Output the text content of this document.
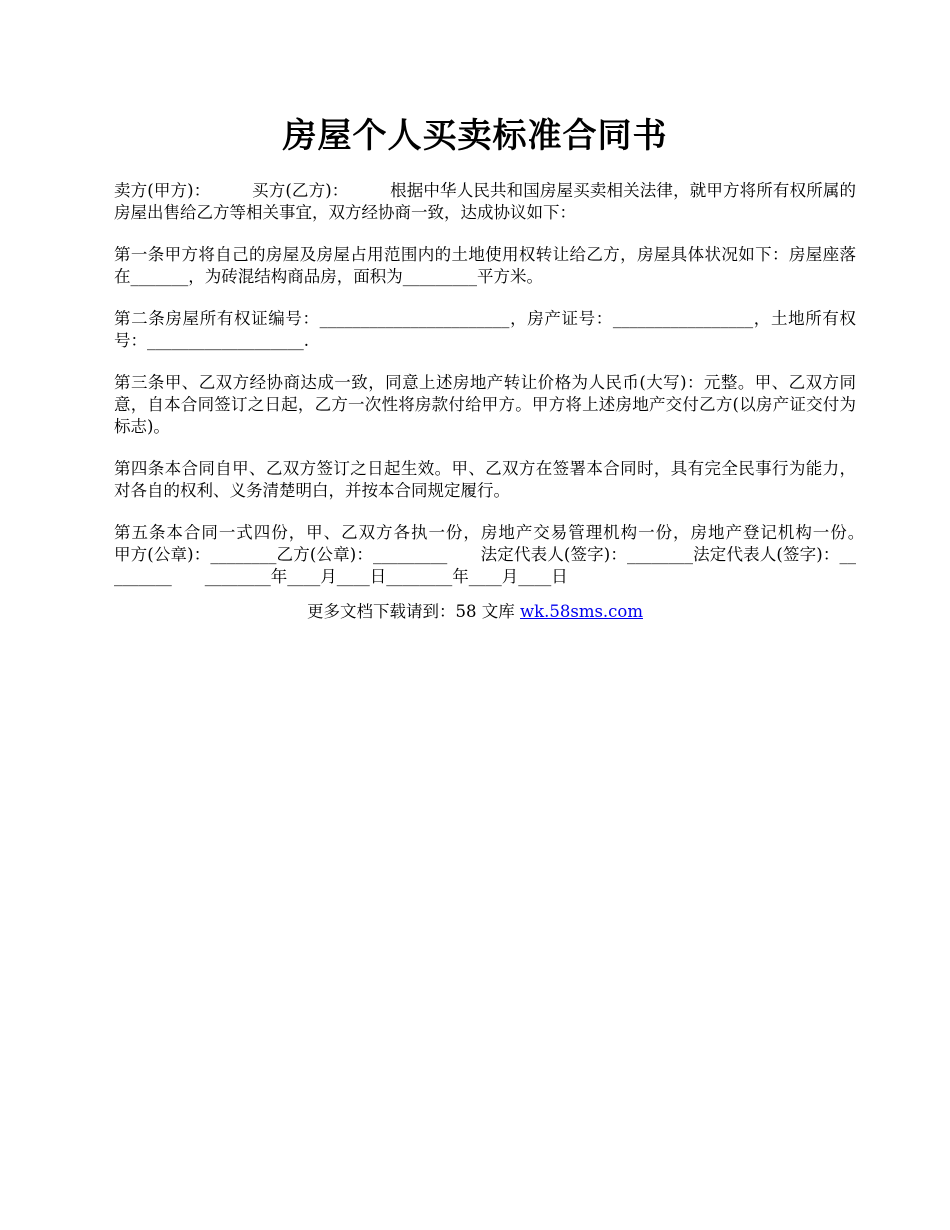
房屋个人买卖标准合同书

卖方(甲方)：　　　买方(乙方)：　　　根据中华人民共和国房屋买卖相关法律，就甲方将所有权所属的房屋出售给乙方等相关事宜，双方经协商一致，达成协议如下：

第一条甲方将自己的房屋及房屋占用范围内的土地使用权转让给乙方，房屋具体状况如下：房屋座落在_______，为砖混结构商品房，面积为_________平方米。

第二条房屋所有权证编号：_______________________，房产证号：_________________，土地所有权号：___________________.

第三条甲、乙双方经协商达成一致，同意上述房地产转让价格为人民币(大写)：元整。甲、乙双方同意，自本合同签订之日起，乙方一次性将房款付给甲方。甲方将上述房地产交付乙方(以房产证交付为标志)。

第四条本合同自甲、乙双方签订之日起生效。甲、乙双方在签署本合同时，具有完全民事行为能力，对各自的权利、义务清楚明白，并按本合同规定履行。

第五条本合同一式四份，甲、乙双方各执一份，房地产交易管理机构一份，房地产登记机构一份。　　甲方(公章)：________乙方(公章)：_________　　法定代表人(签字)：________法定代表人(签字)：_________　　________年____月____日________年____月____日

更多文档下载请到：58 文库 wk.58sms.com
